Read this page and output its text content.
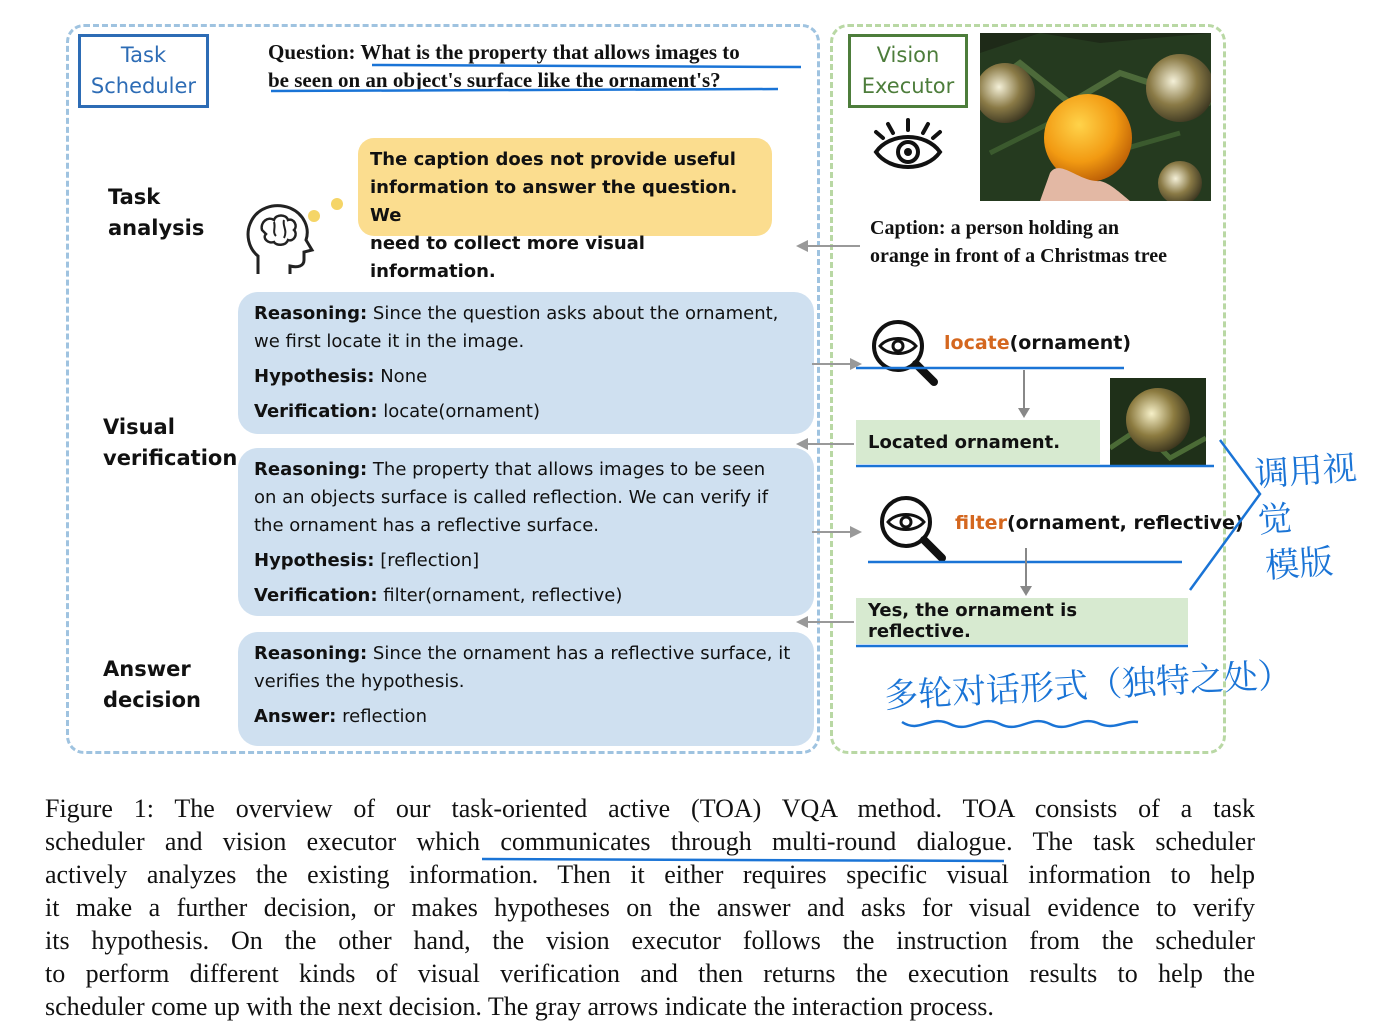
Task
Scheduler
Vision
Executor
Question: What is the property that allows images to
be seen on an object's surface like the ornament's?
Task
analysis
Visual
verification
Answer
decision
The caption does not provide useful
information to answer the question. We
need to collect more visual information.
Reasoning: Since the question asks about the ornament,
we first locate it in the image.
Hypothesis: None
Verification: locate(ornament)
Reasoning: The property that allows images to be seen
on an objects surface is called reflection. We can verify if
the ornament has a reflective surface.
Hypothesis: [reflection]
Verification: filter(ornament, reflective)
Reasoning: Since the ornament has a reflective surface, it
verifies the hypothesis.
Answer: reflection
Caption: a person holding an
orange in front of a Christmas tree
locate(ornament)
Located ornament.
filter(ornament, reflective)
Yes, the ornament is reflective.
调用视觉
模版
多轮对话形式（独特之处）
Figure 1: The overview of our task-oriented active (TOA) VQA method. TOA consists of a task
scheduler and vision executor which communicates through multi-round dialogue. The task scheduler
actively analyzes the existing information. Then it either requires specific visual information to help
it make a further decision, or makes hypotheses on the answer and asks for visual evidence to verify
its hypothesis. On the other hand, the vision executor follows the instruction from the scheduler
to perform different kinds of visual verification and then returns the execution results to help the
scheduler come up with the next decision. The gray arrows indicate the interaction process.
